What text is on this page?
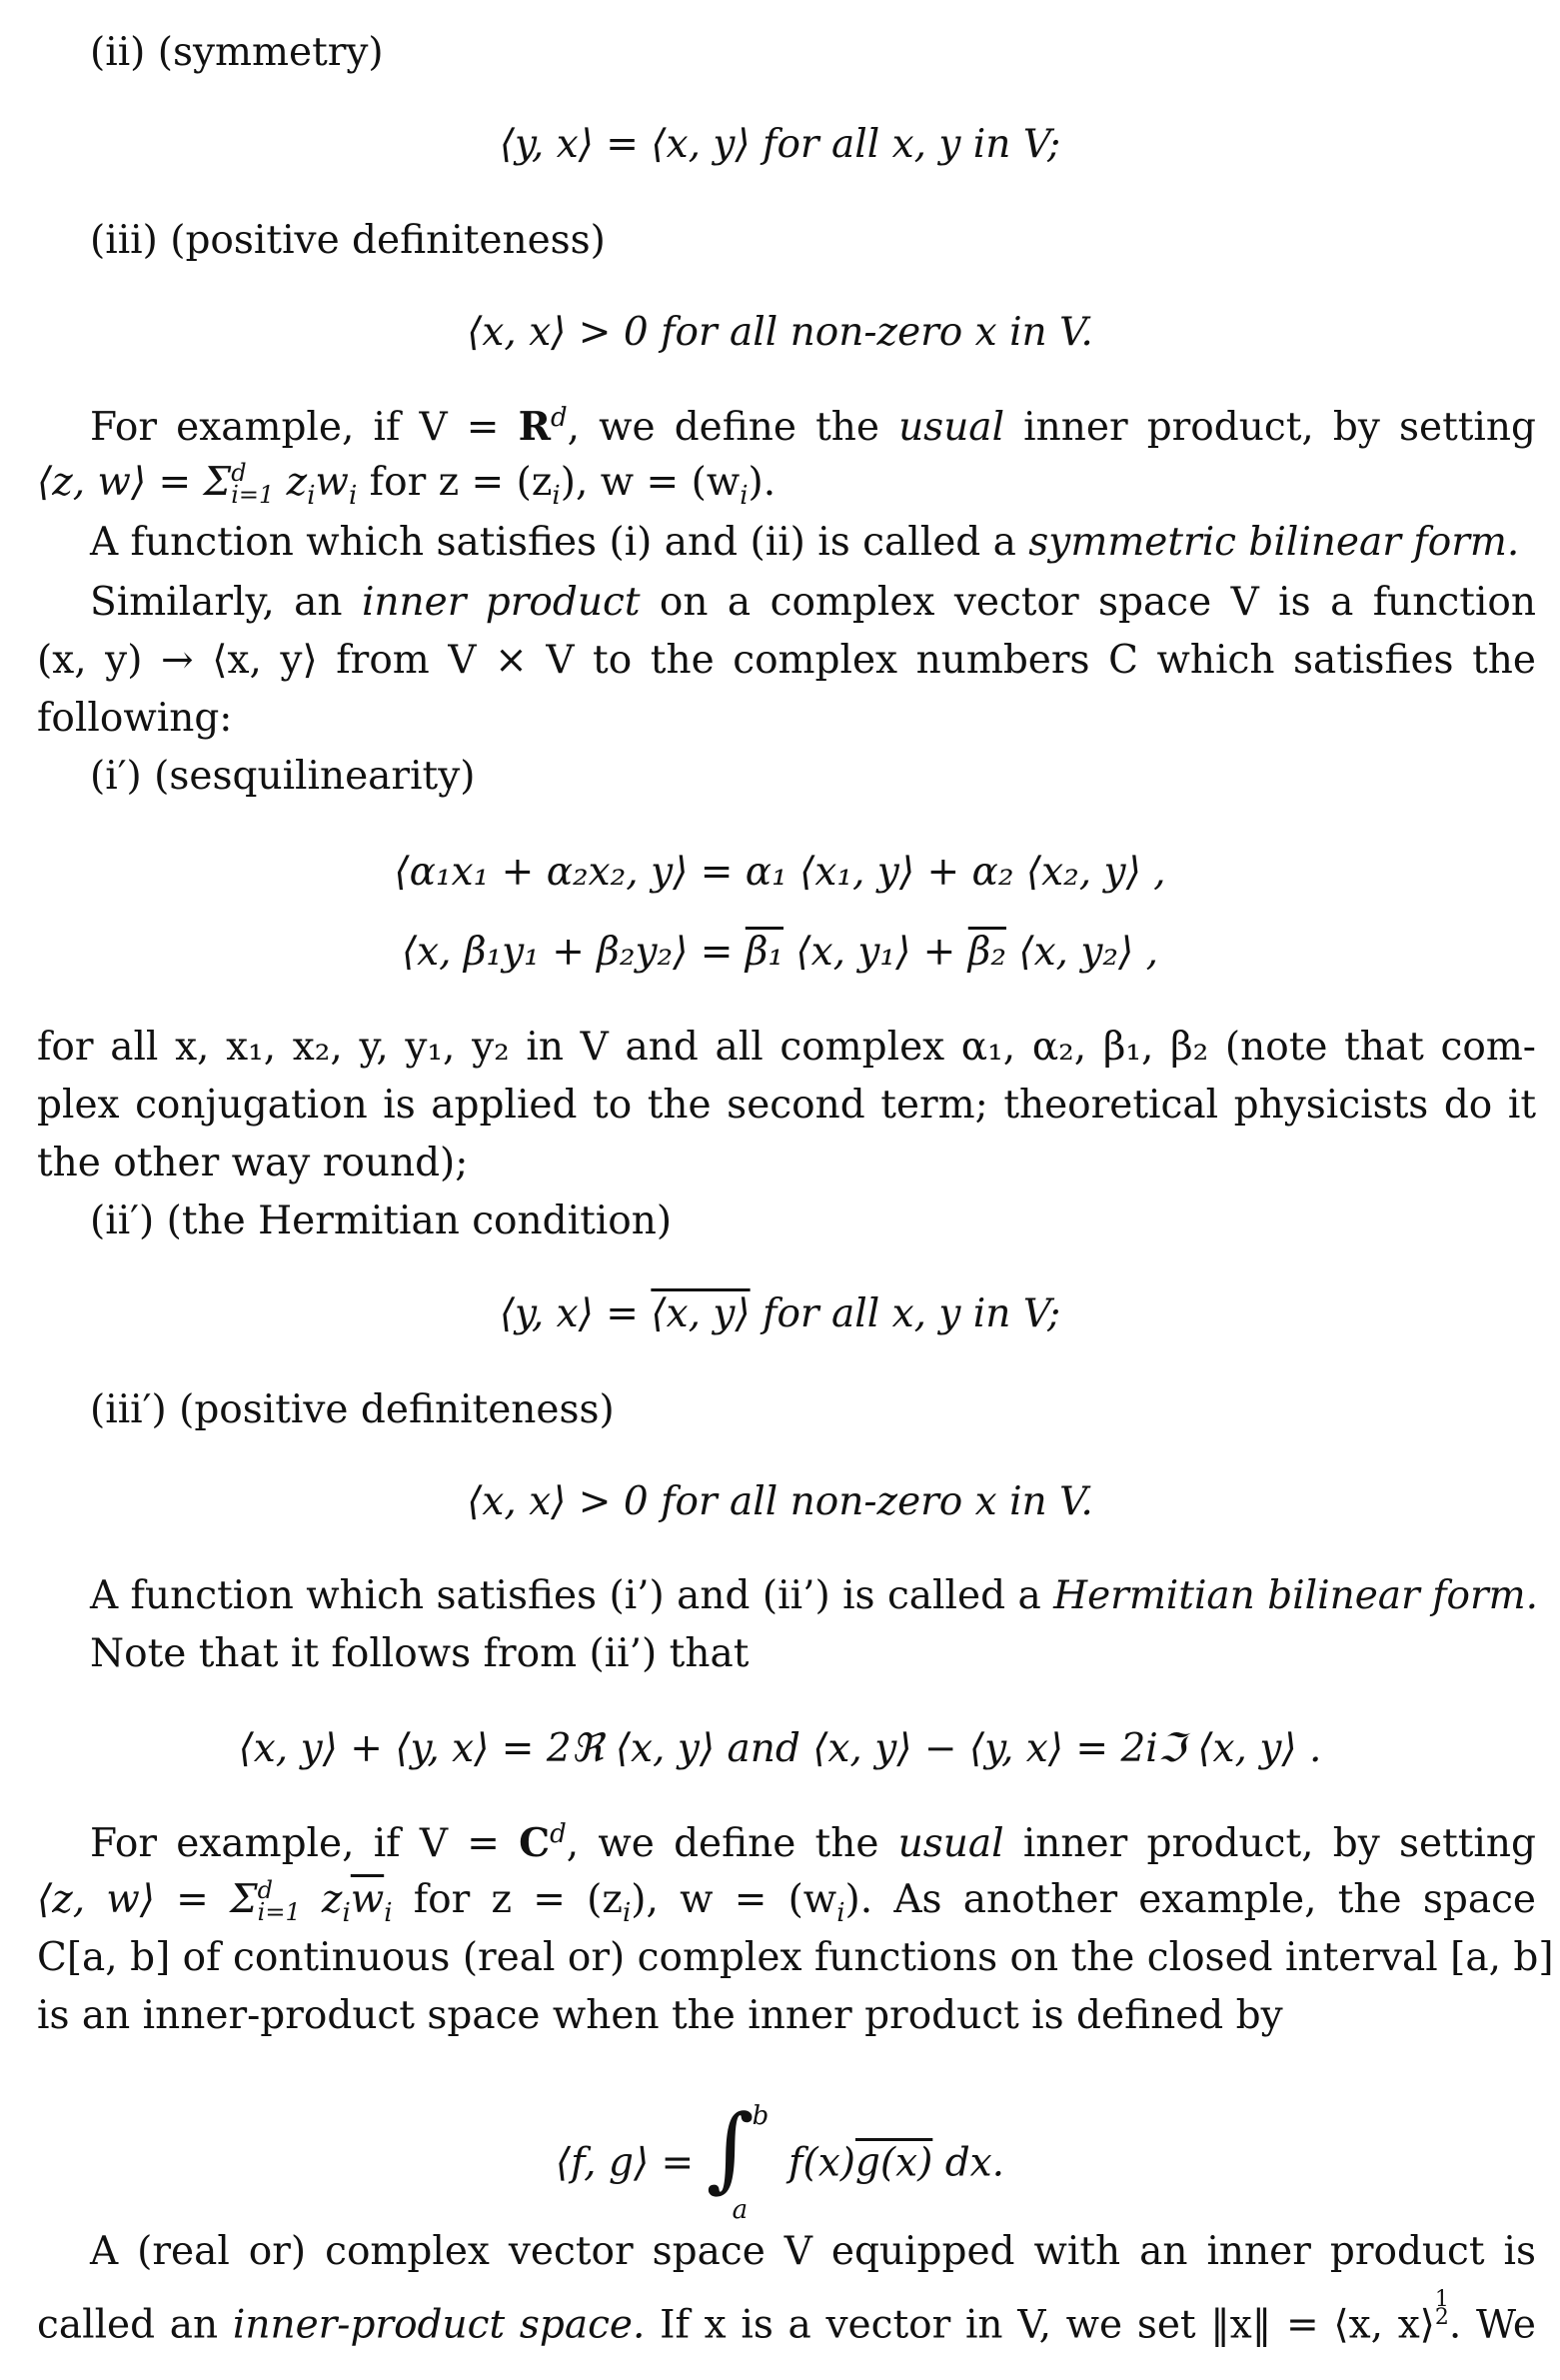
(ii) (symmetry)
⟨y, x⟩ = ⟨x, y⟩ for all x, y in V;
(iii) (positive definiteness)
⟨x, x⟩ > 0 for all non-zero x in V.
For example, if $V = R^d$, we define the usual inner product, by setting
⟨z, w⟩ = Σd
i=1 $z_iw_i$ for $z = (z_i)$, $w = (w_i)$.
A function which satisfies (i) and (ii) is called a symmetric bilinear form.
Similarly, an inner product on a complex vector space V is a function
(x, y) → ⟨x, y⟩ from V × V to the complex numbers C which satisfies the
following:
(i′) (sesquilinearity)
⟨α₁x₁ + α₂x₂, y⟩ = α₁ ⟨x₁, y⟩ + α₂ ⟨x₂, y⟩ ,
⟨x, β₁y₁ + β₂y₂⟩ = β₁ ⟨x, y₁⟩ + β₂ ⟨x, y₂⟩ ,
for all x, x₁, x₂, y, y₁, y₂ in V and all complex α₁, α₂, β₁, β₂ (note that com-
plex conjugation is applied to the second term; theoretical physicists do it
the other way round);
(ii′) (the Hermitian condition)
⟨y, x⟩ = ⟨x, y⟩ for all x, y in V;
(iii′) (positive definiteness)
⟨x, x⟩ > 0 for all non-zero x in V.
A function which satisfies (i’) and (ii’) is called a Hermitian bilinear form.
Note that it follows from (ii’) that
⟨x, y⟩ + ⟨y, x⟩ = 2ℜ ⟨x, y⟩ and ⟨x, y⟩ − ⟨y, x⟩ = 2iℑ ⟨x, y⟩ .
For example, if $V = C^d$, we define the usual inner product, by setting
⟨z, w⟩ = Σd
i=1 $z_i\overline{w}_i$ for $z = (z_i)$, $w = (w_i)$. As another example, the space
C[a, b] of continuous (real or) complex functions on the closed interval [a, b]
is an inner-product space when the inner product is defined by
⟨f, g⟩ = ∫
b
a
f(x)g(x) dx.
A (real or) complex vector space V equipped with an inner product is
called an inner-product space. If x is a vector in V, we set ‖x‖ = ⟨x, x⟩1
2. We
